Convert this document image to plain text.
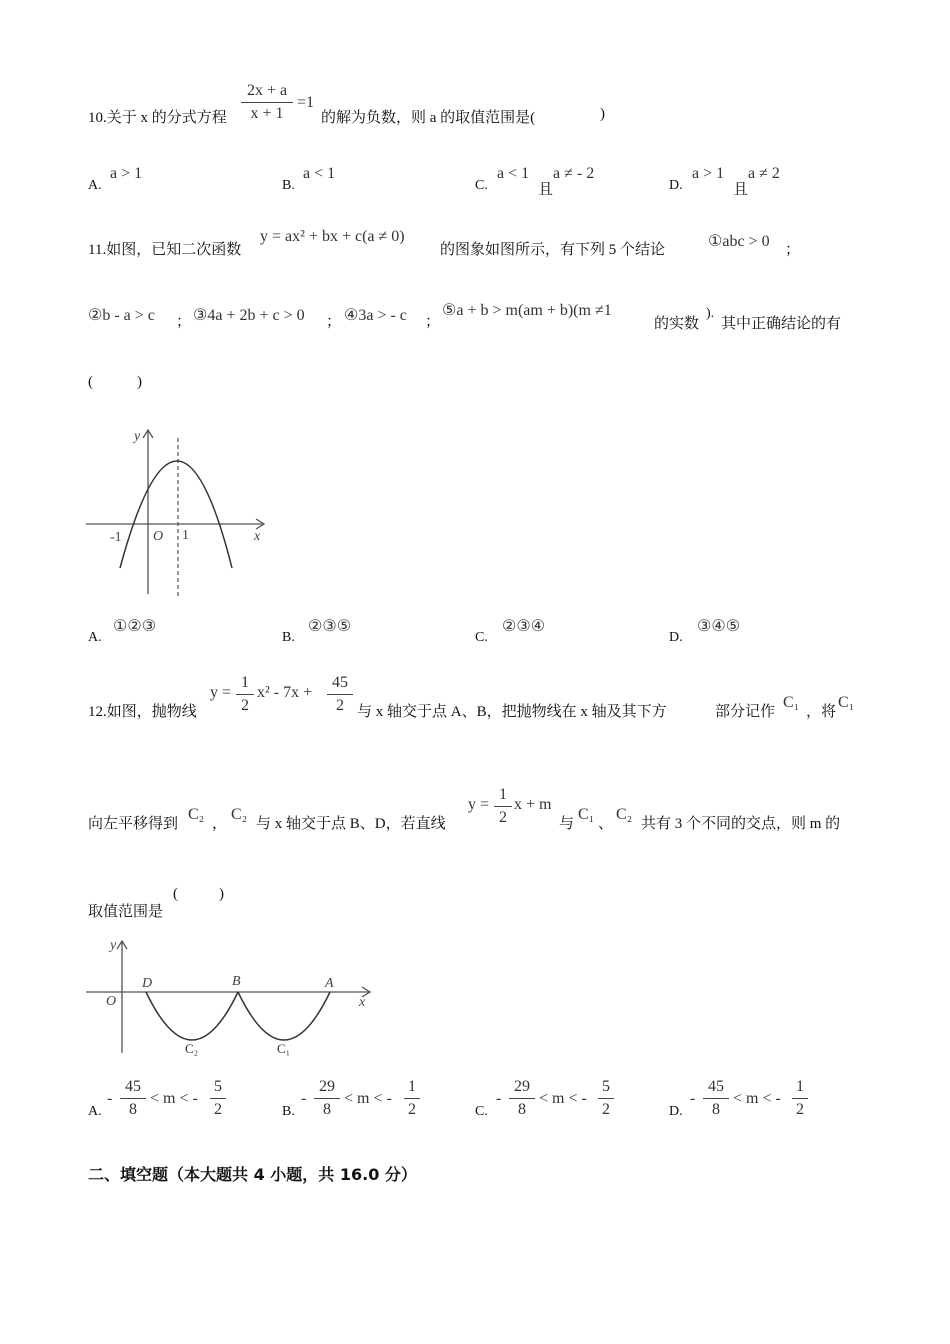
10.关于 x 的分式方程 $\frac{2x + a}{x + 1} =1$
的解为负数，则 a 的取值范围是(	)
A.
a > 1
B.
a < 1
C.
a < 1
且
a ≠ - 2
D.
a > 1
且
a ≠ 2
11.如图，已知二次函数
y = ax² + bx + c(a ≠ 0)
的图象如图所示，有下列 5 个结论	①abc > 0 ；
②b - a > c ； ③4a + 2b + c > 0 ； ④3a > - c ；
⑤a + b > m(am + b)(m ≠1
的实数
).
其中正确结论的有
(	)
y
x
O
-1	1
A.
①②③
B.
②③⑤
C.
②③④
D.
③④⑤
12.如图，抛物线
$y = \frac{1}{2} x^2 - 7x + \frac{45}{2}$ 与 x 轴交于点 A、B，把抛物线在 x 轴及其下方	部分记作
C₁
，将
C₁
向左平移得到
C₂
，
C₂
与 x 轴交于点 B、D，若直线
$y = \frac{1}{2}$ x + m
与
C₁
、
C₂
共有 3 个不同的交点，则 m 的
取值范围是
(	)
y
x
O
D	B	A
C₂	C₁
A.
- $\frac{45}{8} < m$ < - $\frac{5}{2}$	B.
- $\frac{29}{8} < m$ < - $\frac{1}{2}$	C.
- $\frac{29}{8} < m$ < - $\frac{5}{2}$	D.
- $\frac{45}{8} < m$ < - $\frac{1}{2}$
二、填空题（本大题共 4 小题，共 16.0 分）
